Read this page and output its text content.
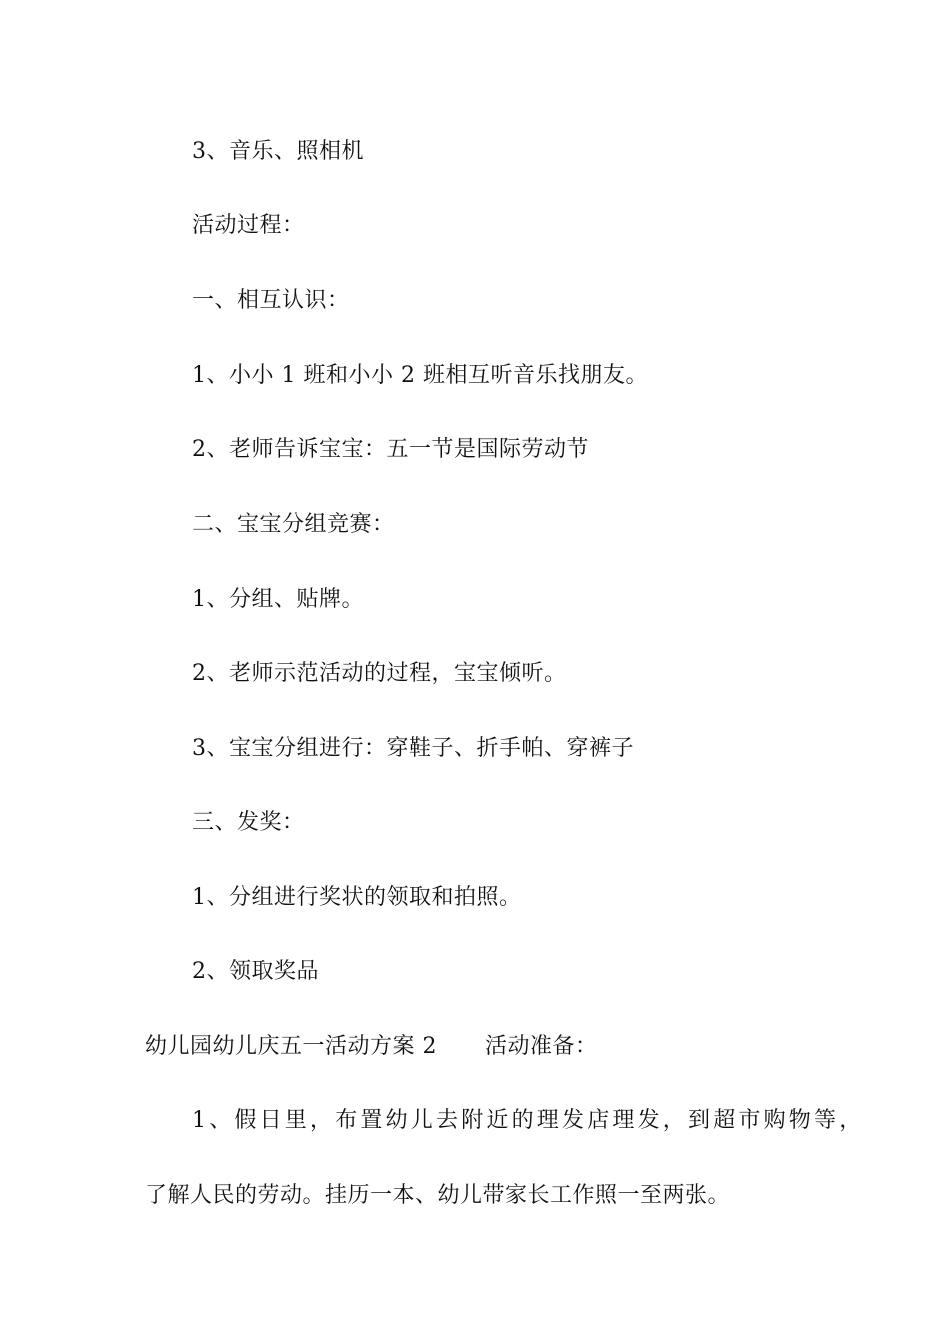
3、音乐、照相机
活动过程：
一、相互认识：
1、小小 1 班和小小 2 班相互听音乐找朋友。
2、老师告诉宝宝：五一节是国际劳动节
二、宝宝分组竞赛：
1、分组、贴牌。
2、老师示范活动的过程，宝宝倾听。
3、宝宝分组进行：穿鞋子、折手帕、穿裤子
三、发奖：
1、分组进行奖状的领取和拍照。
2、领取奖品
幼儿园幼儿庆五一活动方案 2 活动准备：
1、假日里，布置幼儿去附近的理发店理发，到超市购物等，
了解人民的劳动。挂历一本、幼儿带家长工作照一至两张。
